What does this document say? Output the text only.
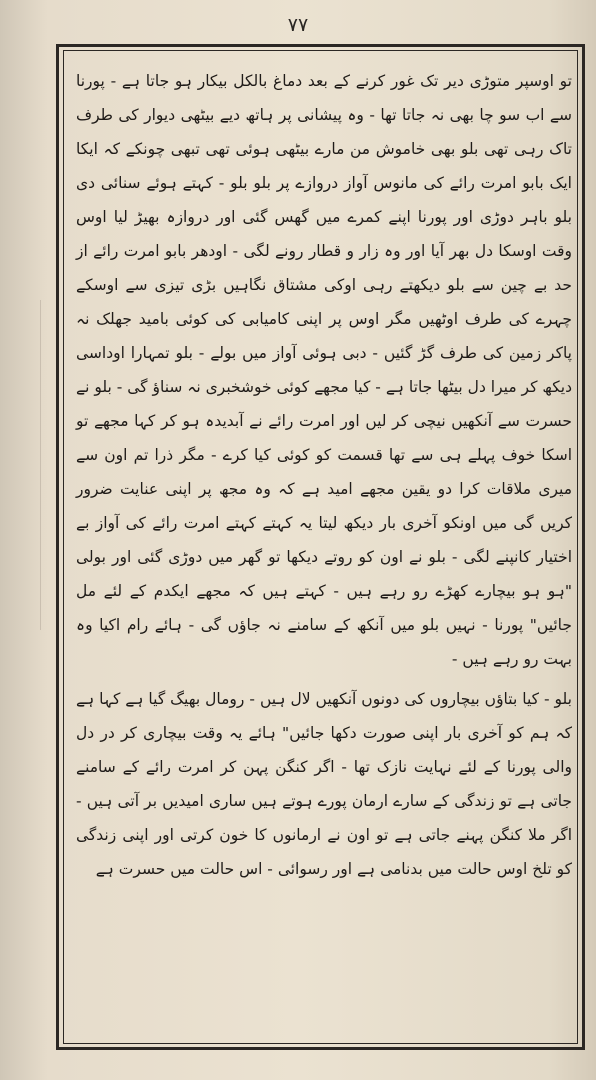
۷۷

تو اوسپر متوڑی دیر تک غور کرنے کے بعد دماغ بالکل بیکار ہو جاتا ہے - پورنا سے اب سو چا بھی نہ جاتا تھا - وہ پیشانی پر ہاتھ دیے بیٹھی دیوار کی طرف تاک رہی تھی بلو بھی خاموش من مارے بیٹھی ہوئی تھی تبھی چونکے کہ ایکا ایک بابو امرت رائے کی مانوس آواز دروازے پر بلو بلو - کہتے ہوئے سنائی دی بلو باہر دوڑی اور پورنا اپنے کمرے میں گھس گئی اور دروازہ بھیڑ لیا اوس وقت اوسکا دل بھر آیا اور وہ زار و قطار رونے لگی - اودھر بابو امرت رائے از حد بے چین سے بلو دیکھتے رہی اوکی مشتاق نگاہیں بڑی تیزی سے اوسکے چہرے کی طرف اوٹھیں مگر اوس پر اپنی کامیابی کی کوئی بامید جھلک نہ پاکر زمین کی طرف گڑ گئیں - دبی ہوئی آواز میں بولے - بلو تمہارا اوداسی دیکھ کر میرا دل بیٹھا جاتا ہے - کیا مجھے کوئی خوشخبری نہ سناؤ گی - بلو نے حسرت سے آنکھیں نیچی کر لیں اور امرت رائے نے آبدیدہ ہو کر کہا مجھے تو اسکا خوف پہلے ہی سے تھا قسمت کو کوئی کیا کرے - مگر ذرا تم اون سے میری ملاقات کرا دو یقین مجھے امید ہے کہ وہ مجھ پر اپنی عنایت ضرور کریں گی میں اونکو آخری بار دیکھ لیتا یہ کہتے کہتے امرت رائے کی آواز بے اختیار کانپنے لگی - بلو نے اون کو روتے دیکھا تو گھر میں دوڑی گئی اور بولی "ہو ہو بیچارے کھڑے رو رہے ہیں - کہتے ہیں کہ مجھے ایکدم کے لئے مل جائیں" پورنا - نہیں بلو میں آنکھ کے سامنے نہ جاؤں گی - ہائے رام اکیا وہ بہت رو رہے ہیں -

بلو - کیا بتاؤں بیچاروں کی دونوں آنکھیں لال ہیں - رومال بھیگ گیا ہے کہا ہے کہ ہم کو آخری بار اپنی صورت دکھا جائیں" ہائے یہ وقت بیچاری کر در دل والی پورنا کے لئے نہایت نازک تھا - اگر کنگن پہن کر امرت رائے کے سامنے جاتی ہے تو زندگی کے سارے ارمان پورے ہوتے ہیں ساری امیدیں بر آتی ہیں - اگر ملا کنگن پہنے جاتی ہے تو اون نے ارمانوں کا خون کرتی اور اپنی زندگی کو تلخ اوس حالت میں بدنامی ہے اور رسوائی - اس حالت میں حسرت ہے
